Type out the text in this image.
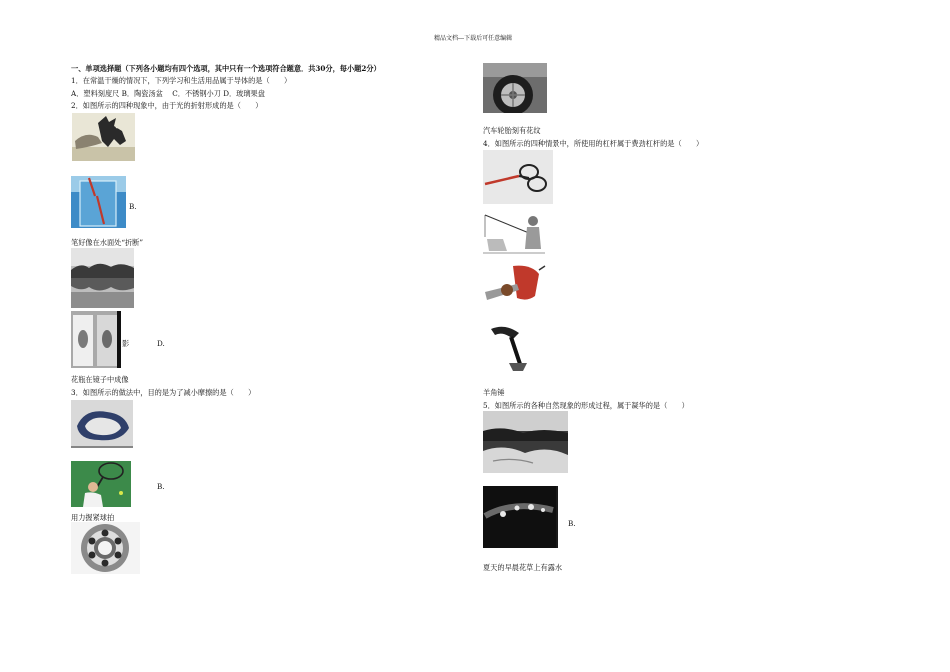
精品文档---下载后可任意编辑
一、单项选择题（下列各小题均有四个选项，其中只有一个选项符合题意．共30分，每小题2分）
1．在常温干燥的情况下，下列学习和生活用品属于导体的是（　　）
A．塑料刻度尺 B．陶瓷汤盆　 C．不锈钢小刀 D．玻璃果盘
2．如图所示的四种现象中，由于光的折射形成的是（　　）
B.
笔好像在水面处“折断”
影	D.
花瓶在镜子中成像
3．如图所示的做法中，目的是为了减小摩擦的是（　　）
B.
用力握紧球拍
汽车轮胎刻有花纹
4．如图所示的四种情景中，所使用的杠杆属于费劲杠杆的是（　　）
羊角锤
5．如图所示的各种自然现象的形成过程，属于凝华的是（　　）
B.
夏天的早晨花草上有露水
